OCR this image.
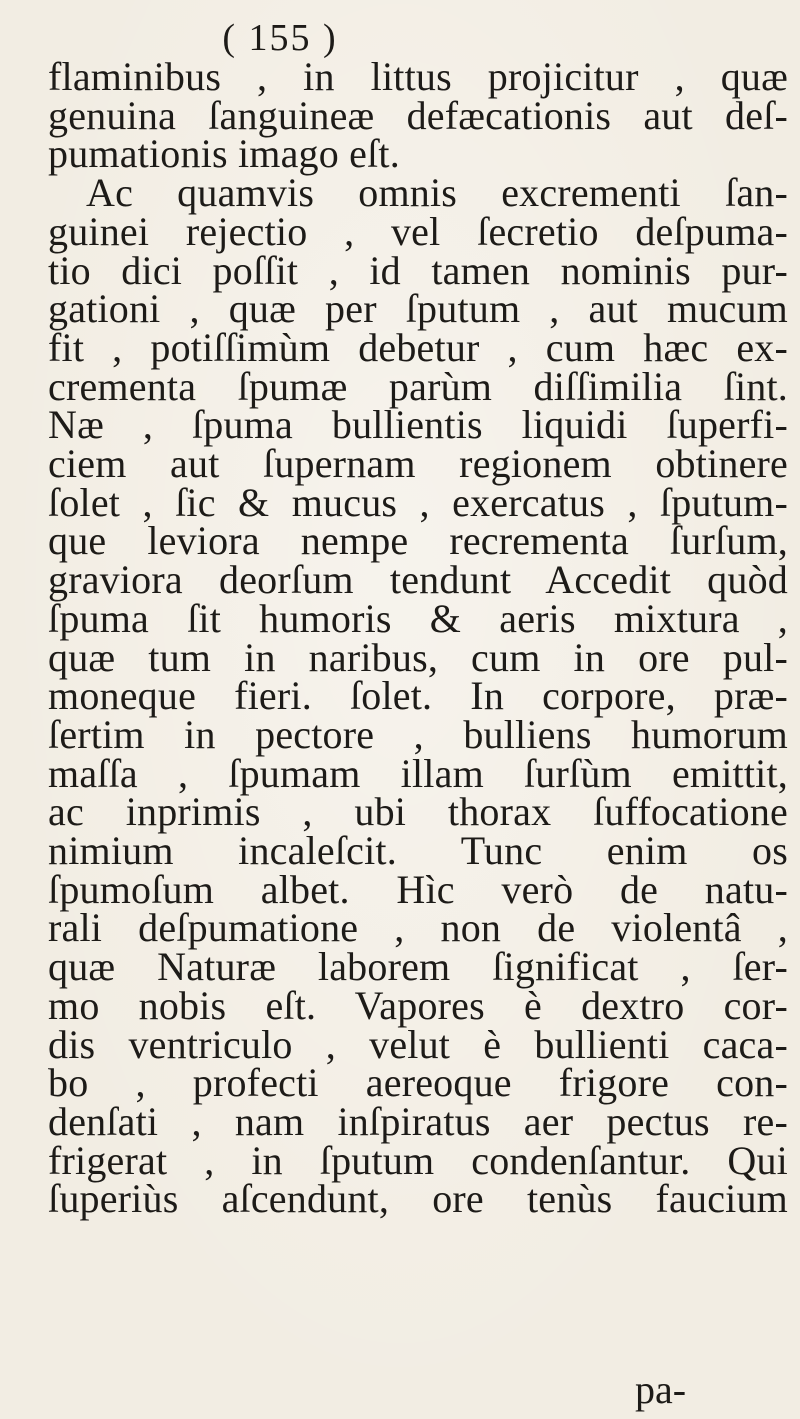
( 155 )
flaminibus , in littus projicitur , quæ
genuina ſanguineæ defæcationis aut deſ-
pumationis imago eſt.
Ac quamvis omnis excrementi ſan-
guinei rejectio , vel ſecretio deſpuma-
tio dici poſſit , id tamen nominis pur-
gationi , quæ per ſputum , aut mucum
fit , potiſſimùm debetur , cum hæc ex-
crementa ſpumæ parùm diſſimilia ſint.
Næ , ſpuma bullientis liquidi ſuperfi-
ciem aut ſupernam regionem obtinere
ſolet , ſic & mucus , exercatus , ſputum-
que leviora nempe recrementa ſurſum,
graviora deorſum tendunt Accedit quòd
ſpuma ſit humoris & aeris mixtura ,
quæ tum in naribus, cum in ore pul-
moneque fieri. ſolet. In corpore, præ-
ſertim in pectore , bulliens humorum
maſſa , ſpumam illam ſurſùm emittit,
ac inprimis , ubi thorax ſuffocatione
nimium incaleſcit. Tunc enim os
ſpumoſum albet. Hìc verò de natu-
rali deſpumatione , non de violentâ ,
quæ Naturæ laborem ſignificat , ſer-
mo nobis eſt. Vapores è dextro cor-
dis ventriculo , velut è bullienti caca-
bo , profecti aereoque frigore con-
denſati , nam inſpiratus aer pectus re-
frigerat , in ſputum condenſantur. Qui
ſuperiùs aſcendunt, ore tenùs faucium
pa-
